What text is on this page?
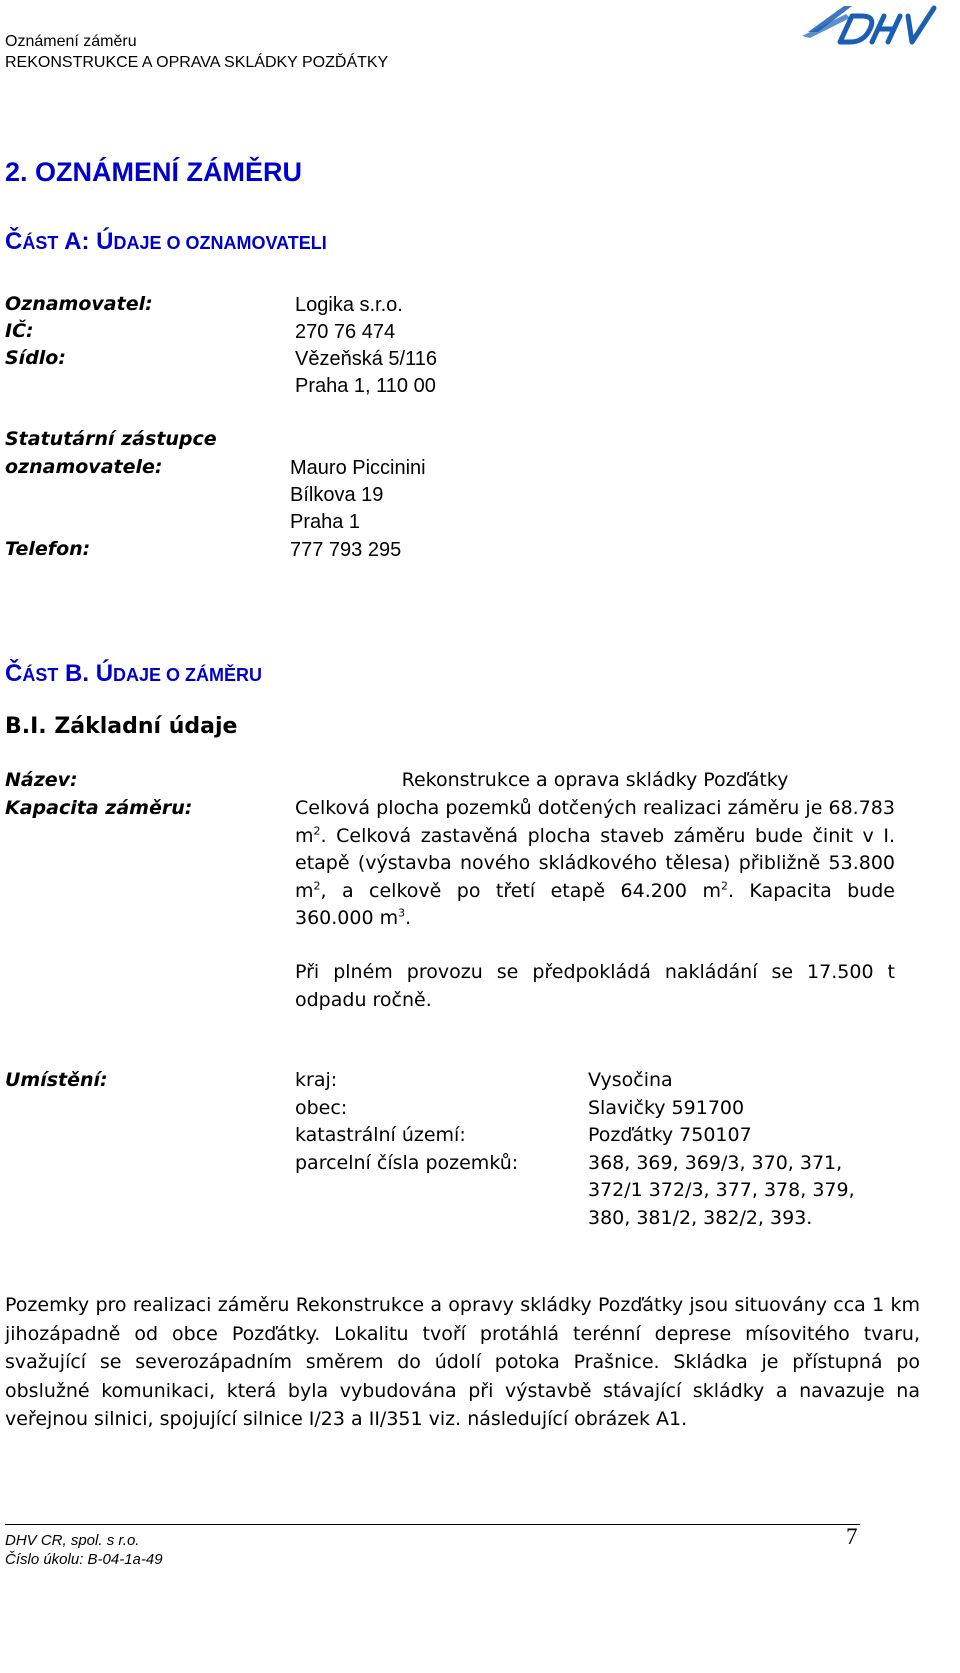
Oznámení záměru
REKONSTRUKCE A OPRAVA SKLÁDKY POZĎÁTKY
2. OZNÁMENÍ ZÁMĚRU
ČÁST A: ÚDAJE O OZNAMOVATELI
Oznamovatel:	Logika s.r.o.
IČ:	270 76 474
Sídlo:	Vězeňská 5/116
Praha 1, 110 00
Statutární zástupce
oznamovatele:	Mauro Piccinini
Bílkova 19
Praha 1
Telefon:	777 793 295
ČÁST B. ÚDAJE O ZÁMĚRU
B.I. Základní údaje
Název:	Rekonstrukce a oprava skládky Pozďátky
Kapacita záměru:	Celková plocha pozemků dotčených realizaci záměru je 68.783 $m^2$. Celková zastavěná plocha staveb záměru bude činit v I. etapě (výstavba nového skládkového tělesa) přibližně 53.800 $m^2$, a celkově po třetí etapě 64.200 $m^2$. Kapacita bude 360.000 $m^3$.
Při plném provozu se předpokládá nakládání se 17.500 t odpadu ročně.
Umístění:	kraj:	Vysočina
obec:	Slavičky 591700
katastrální území:	Pozďátky 750107
parcelní čísla pozemků:	368, 369, 369/3, 370, 371,
372/1 372/3, 377, 378, 379,
380, 381/2, 382/2, 393.
Pozemky pro realizaci záměru Rekonstrukce a opravy skládky Pozďátky jsou situovány cca 1 km jihozápadně od obce Pozďátky. Lokalitu tvoří protáhlá terénní deprese mísovitého tvaru, svažující se severozápadním směrem do údolí potoka Prašnice. Skládka je přístupná po obslužné komunikaci, která byla vybudována při výstavbě stávající skládky a navazuje na veřejnou silnici, spojující silnice I/23 a II/351 viz. následující obrázek A1.
DHV CR, spol. s r.o.
Číslo úkolu: B-04-1a-49
7
